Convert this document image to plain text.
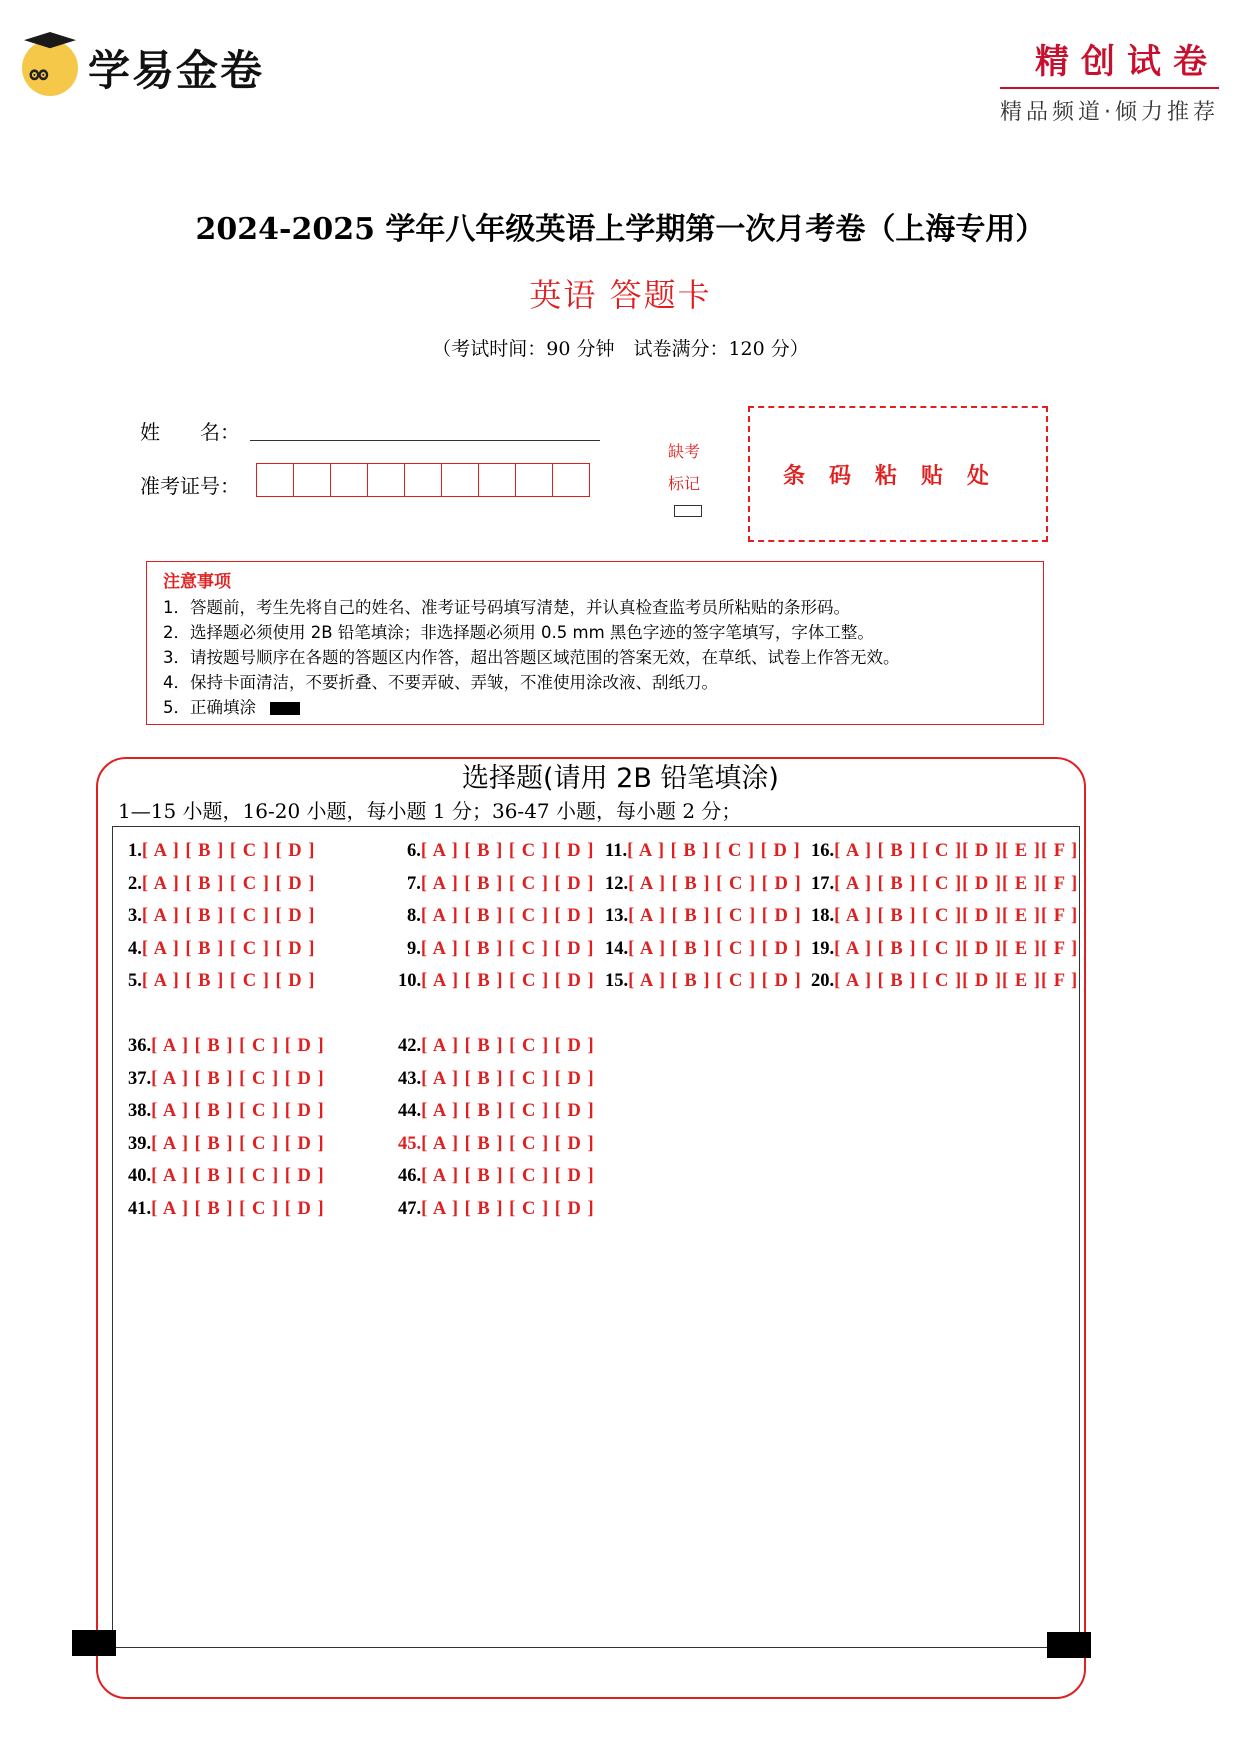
ʘʘ 学易金卷	精创试卷
精品频道·倾力推荐
2024-2025 学年八年级英语上学期第一次月考卷（上海专用）
英语 答题卡
（考试时间：90 分钟　试卷满分：120 分）
姓　　名：
准考证号：
缺考
标记	条码粘贴处
注意事项
1．答题前，考生先将自己的姓名、准考证号码填写清楚，并认真检查监考员所粘贴的条形码。
2．选择题必须使用 2B 铅笔填涂；非选择题必须用 0.5 mm 黑色字迹的签字笔填写，字体工整。
3．请按题号顺序在各题的答题区内作答，超出答题区域范围的答案无效，在草纸、试卷上作答无效。
4．保持卡面清洁，不要折叠、不要弄破、弄皱，不准使用涂改液、刮纸刀。
5．正确填涂
选择题(请用 2B 铅笔填涂)
1—15 小题，16-20 小题，每小题 1 分；36-47 小题，每小题 2 分；
1.[ A ] [ B ] [ C ] [ D ]
2.[ A ] [ B ] [ C ] [ D ]
3.[ A ] [ B ] [ C ] [ D ]
4.[ A ] [ B ] [ C ] [ D ]
5.[ A ] [ B ] [ C ] [ D ]
6.[ A ] [ B ] [ C ] [ D ]
7.[ A ] [ B ] [ C ] [ D ]
8.[ A ] [ B ] [ C ] [ D ]
9.[ A ] [ B ] [ C ] [ D ]
10.[ A ] [ B ] [ C ] [ D ]
11.[ A ] [ B ] [ C ] [ D ]
12.[ A ] [ B ] [ C ] [ D ]
13.[ A ] [ B ] [ C ] [ D ]
14.[ A ] [ B ] [ C ] [ D ]
15.[ A ] [ B ] [ C ] [ D ]
16.[ A ] [ B ] [ C ][ D ][ E ][ F ]
17.[ A ] [ B ] [ C ][ D ][ E ][ F ]
18.[ A ] [ B ] [ C ][ D ][ E ][ F ]
19.[ A ] [ B ] [ C ][ D ][ E ][ F ]
20.[ A ] [ B ] [ C ][ D ][ E ][ F ]
36.[ A ] [ B ] [ C ] [ D ]
37.[ A ] [ B ] [ C ] [ D ]
38.[ A ] [ B ] [ C ] [ D ]
39.[ A ] [ B ] [ C ] [ D ]
40.[ A ] [ B ] [ C ] [ D ]
41.[ A ] [ B ] [ C ] [ D ]
42.[ A ] [ B ] [ C ] [ D ]
43.[ A ] [ B ] [ C ] [ D ]
44.[ A ] [ B ] [ C ] [ D ]
45.[ A ] [ B ] [ C ] [ D ]
46.[ A ] [ B ] [ C ] [ D ]
47.[ A ] [ B ] [ C ] [ D ]
